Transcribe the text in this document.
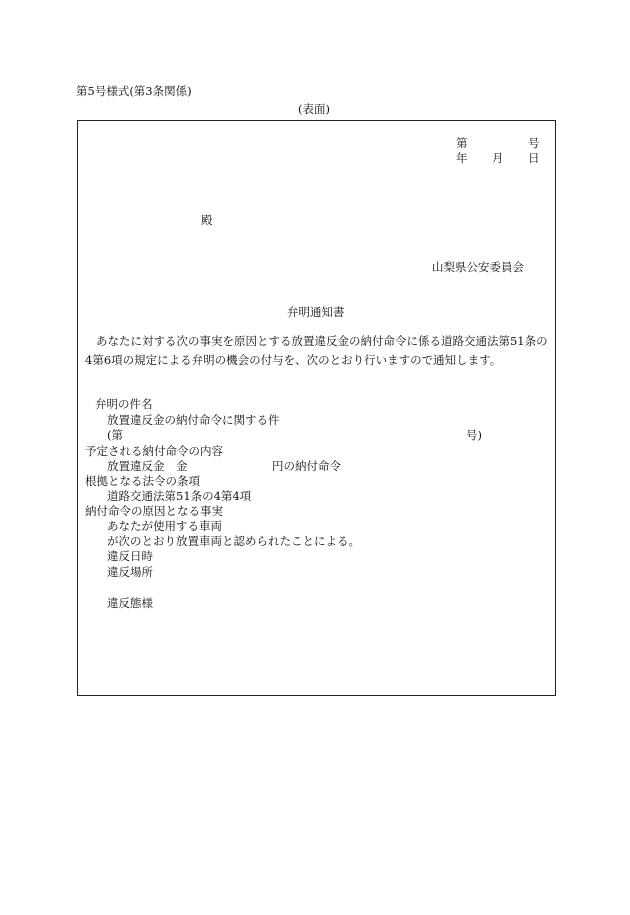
第5号様式(第3条関係)
(表面)
第	号
年 月 日
殿
山梨県公安委員会
弁明通知書
あなたに対する次の事実を原因とする放置違反金の納付命令に係る道路交通法第51条の4第6項の規定による弁明の機会の付与を、次のとおり行いますので通知します。
弁明の件名
放置違反金の納付命令に関する件
(第	号)
予定される納付命令の内容
放置違反金　金	円の納付命令
根拠となる法令の条項
道路交通法第51条の4第4項
納付命令の原因となる事実
あなたが使用する車両
が次のとおり放置車両と認められたことによる。
違反日時
違反場所
違反態様
